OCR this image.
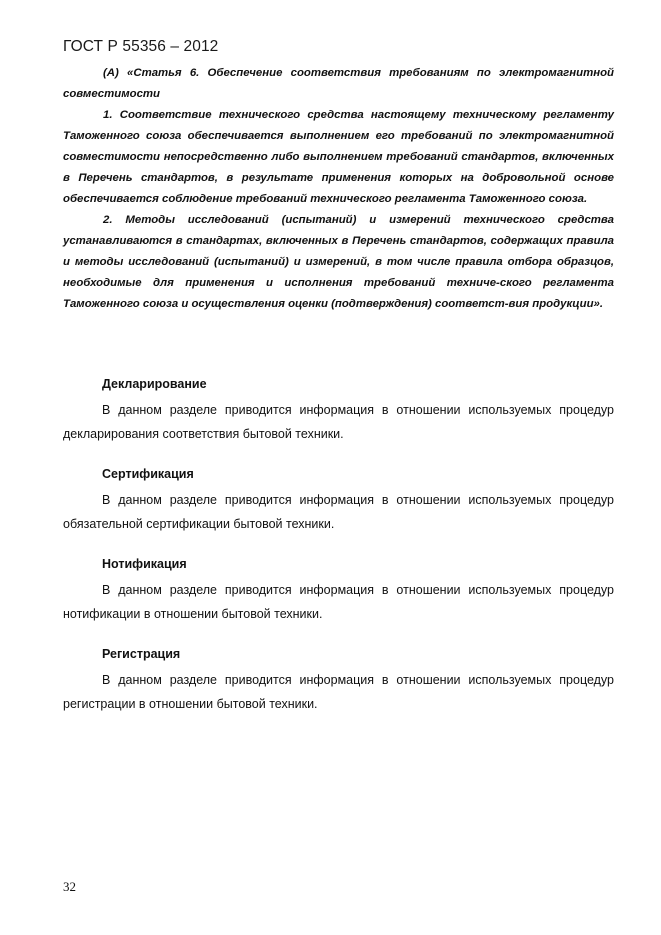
ГОСТ Р 55356 – 2012

(А) «Статья 6. Обеспечение соответствия требованиям по электромагнитной совместимости

1. Соответствие технического средства настоящему техническому регламенту Таможенного союза обеспечивается выполнением его требований по электромагнитной совместимости непосредственно либо выполнением требований стандартов, включенных в Перечень стандартов, в результате применения которых на добровольной основе обеспечивается соблюдение требований технического регламента Таможенного союза.

2. Методы исследований (испытаний) и измерений технического средства устанавливаются в стандартах, включенных в Перечень стандартов, содержащих правила и методы исследований (испытаний) и измерений, в том числе правила отбора образцов, необходимые для применения и исполнения требований техниче-ского регламента Таможенного союза и осуществления оценки (подтверждения) соответст-вия продукции».

Декларирование

В данном разделе приводится информация в отношении используемых процедур декларирования соответствия бытовой техники.

Сертификация

В данном разделе приводится информация в отношении используемых процедур обязательной сертификации бытовой техники.

Нотификация

В данном разделе приводится информация в отношении используемых процедур нотификации в отношении бытовой техники.

Регистрация

В данном разделе приводится информация в отношении используемых процедур регистрации в отношении бытовой техники.

32
